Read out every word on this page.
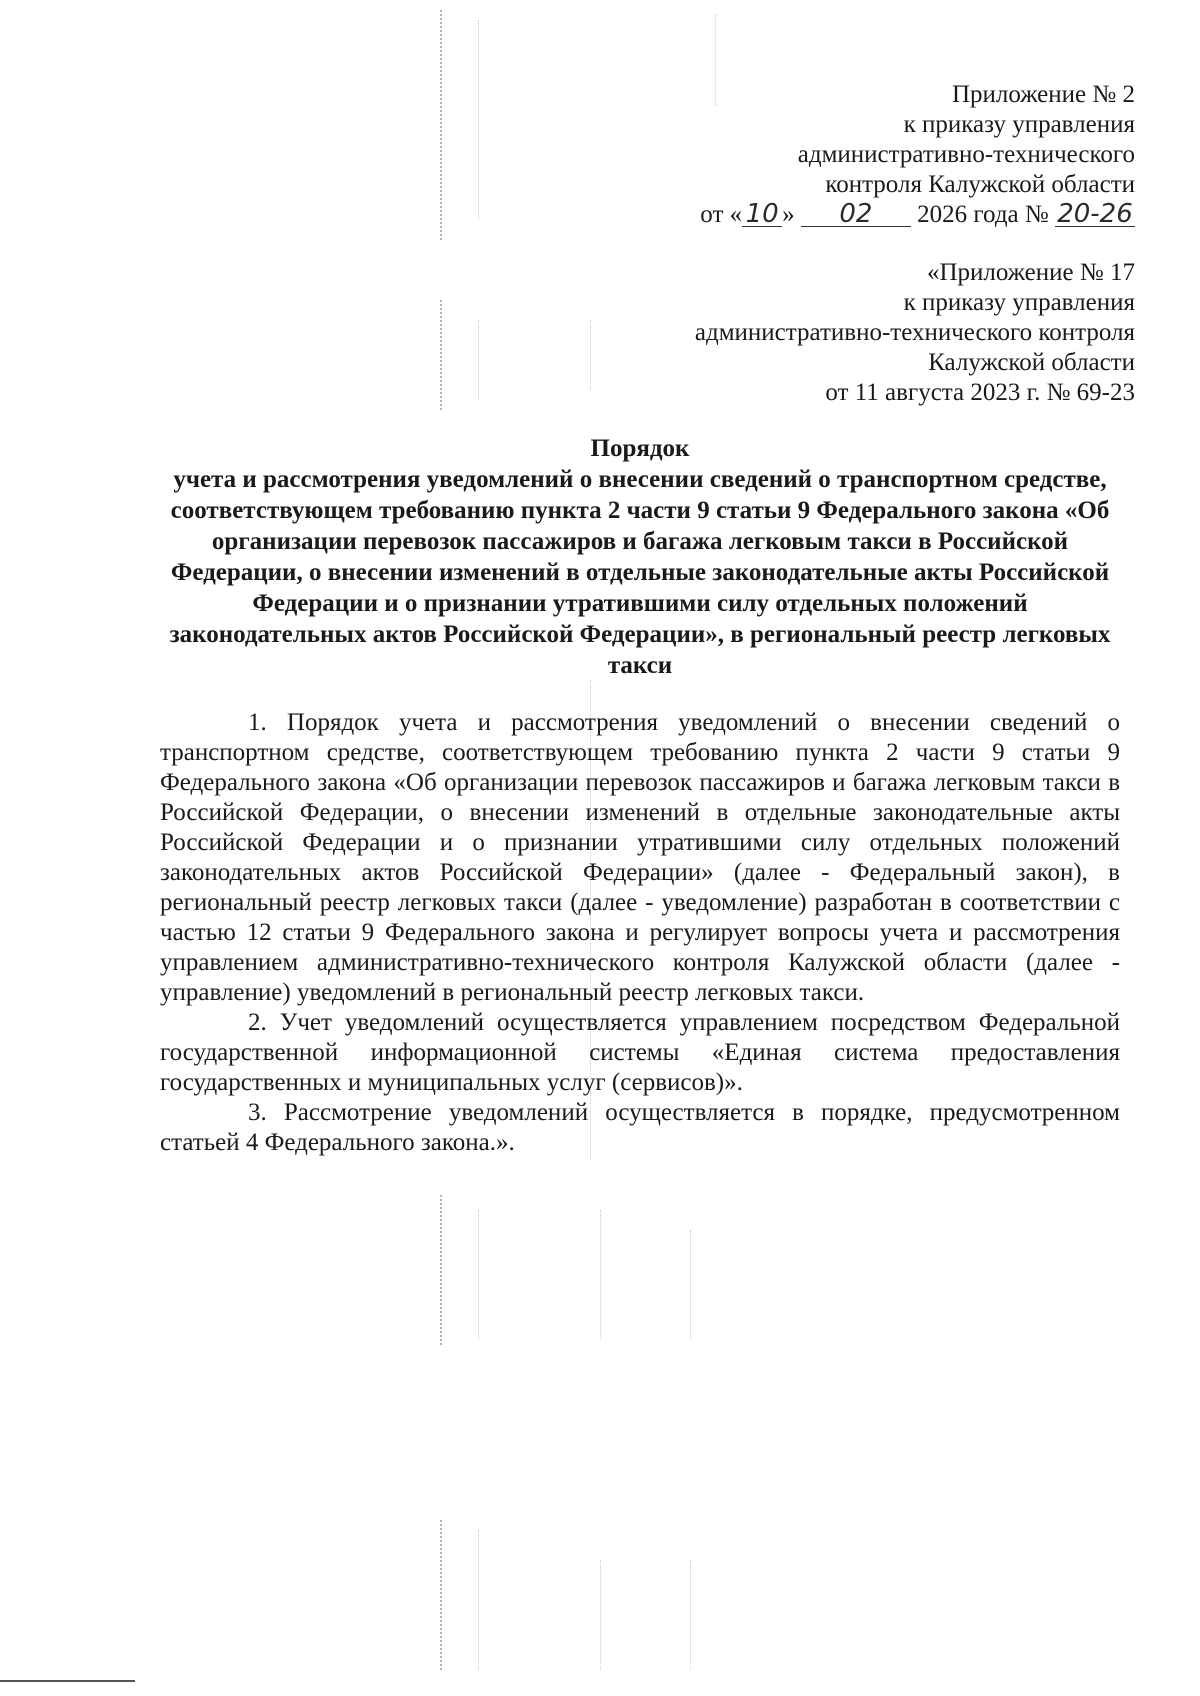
Приложение № 2
к приказу управления
административно-технического
контроля Калужской области
от « 10 » 02 2026 года № 20-26
«Приложение № 17
к приказу управления
административно-технического контроля
Калужской области
от 11 августа 2023 г. № 69-23
Порядок
учета и рассмотрения уведомлений о внесении сведений о транспортном средстве, соответствующем требованию пункта 2 части 9 статьи 9 Федерального закона «Об организации перевозок пассажиров и багажа легковым такси в Российской Федерации, о внесении изменений в отдельные законодательные акты Российской Федерации и о признании утратившими силу отдельных положений законодательных актов Российской Федерации», в региональный реестр легковых такси

1. Порядок учета и рассмотрения уведомлений о внесении сведений о транспортном средстве, соответствующем требованию пункта 2 части 9 статьи 9 Федерального закона «Об организации перевозок пассажиров и багажа легковым такси в Российской Федерации, о внесении изменений в отдельные законодательные акты Российской Федерации и о признании утратившими силу отдельных положений законодательных актов Российской Федерации» (далее - Федеральный закон), в региональный реестр легковых такси (далее - уведомление) разработан в соответствии с частью 12 статьи 9 Федерального закона и регулирует вопросы учета и рассмотрения управлением административно-технического контроля Калужской области (далее - управление) уведомлений в региональный реестр легковых такси.

2. Учет уведомлений осуществляется управлением посредством Федеральной государственной информационной системы «Единая система предоставления государственных и муниципальных услуг (сервисов)».

3. Рассмотрение уведомлений осуществляется в порядке, предусмотренном статьей 4 Федерального закона.».
